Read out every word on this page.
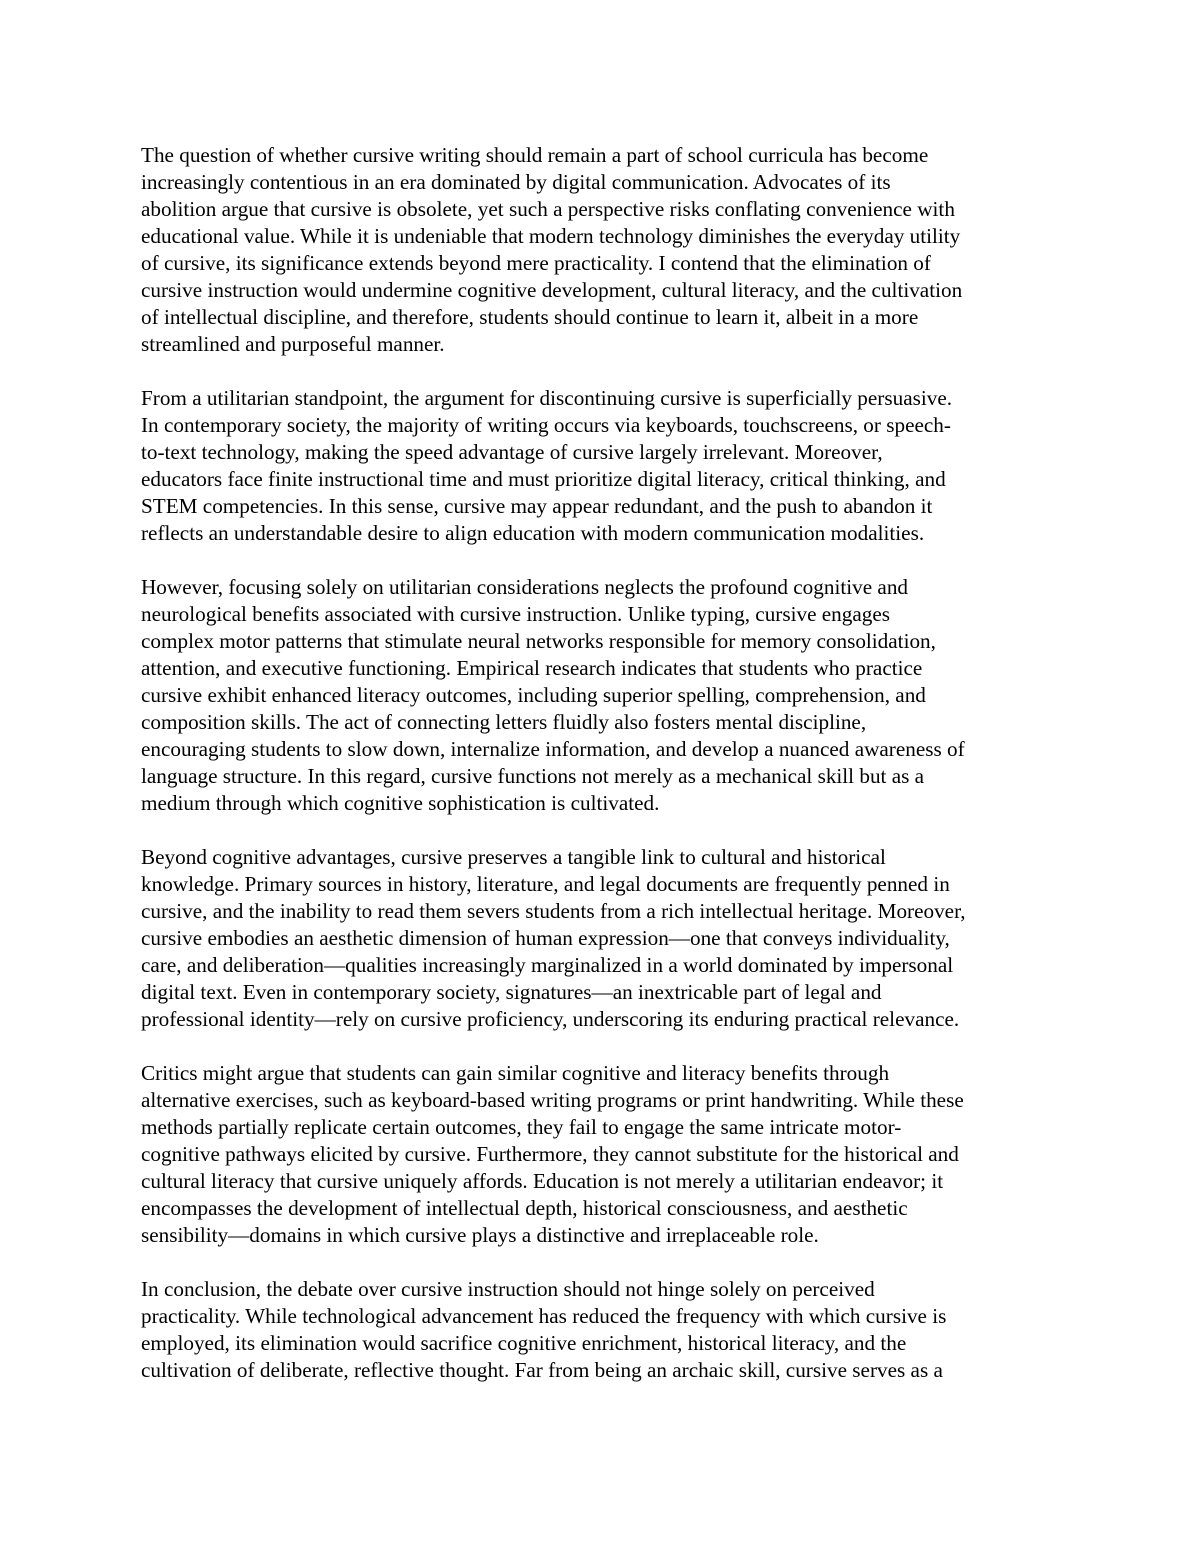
The question of whether cursive writing should remain a part of school curricula has become
increasingly contentious in an era dominated by digital communication. Advocates of its
abolition argue that cursive is obsolete, yet such a perspective risks conflating convenience with
educational value. While it is undeniable that modern technology diminishes the everyday utility
of cursive, its significance extends beyond mere practicality. I contend that the elimination of
cursive instruction would undermine cognitive development, cultural literacy, and the cultivation
of intellectual discipline, and therefore, students should continue to learn it, albeit in a more
streamlined and purposeful manner.

From a utilitarian standpoint, the argument for discontinuing cursive is superficially persuasive.
In contemporary society, the majority of writing occurs via keyboards, touchscreens, or speech-
to-text technology, making the speed advantage of cursive largely irrelevant. Moreover,
educators face finite instructional time and must prioritize digital literacy, critical thinking, and
STEM competencies. In this sense, cursive may appear redundant, and the push to abandon it
reflects an understandable desire to align education with modern communication modalities.

However, focusing solely on utilitarian considerations neglects the profound cognitive and
neurological benefits associated with cursive instruction. Unlike typing, cursive engages
complex motor patterns that stimulate neural networks responsible for memory consolidation,
attention, and executive functioning. Empirical research indicates that students who practice
cursive exhibit enhanced literacy outcomes, including superior spelling, comprehension, and
composition skills. The act of connecting letters fluidly also fosters mental discipline,
encouraging students to slow down, internalize information, and develop a nuanced awareness of
language structure. In this regard, cursive functions not merely as a mechanical skill but as a
medium through which cognitive sophistication is cultivated.

Beyond cognitive advantages, cursive preserves a tangible link to cultural and historical
knowledge. Primary sources in history, literature, and legal documents are frequently penned in
cursive, and the inability to read them severs students from a rich intellectual heritage. Moreover,
cursive embodies an aesthetic dimension of human expression—one that conveys individuality,
care, and deliberation—qualities increasingly marginalized in a world dominated by impersonal
digital text. Even in contemporary society, signatures—an inextricable part of legal and
professional identity—rely on cursive proficiency, underscoring its enduring practical relevance.

Critics might argue that students can gain similar cognitive and literacy benefits through
alternative exercises, such as keyboard-based writing programs or print handwriting. While these
methods partially replicate certain outcomes, they fail to engage the same intricate motor-
cognitive pathways elicited by cursive. Furthermore, they cannot substitute for the historical and
cultural literacy that cursive uniquely affords. Education is not merely a utilitarian endeavor; it
encompasses the development of intellectual depth, historical consciousness, and aesthetic
sensibility—domains in which cursive plays a distinctive and irreplaceable role.

In conclusion, the debate over cursive instruction should not hinge solely on perceived
practicality. While technological advancement has reduced the frequency with which cursive is
employed, its elimination would sacrifice cognitive enrichment, historical literacy, and the
cultivation of deliberate, reflective thought. Far from being an archaic skill, cursive serves as a
